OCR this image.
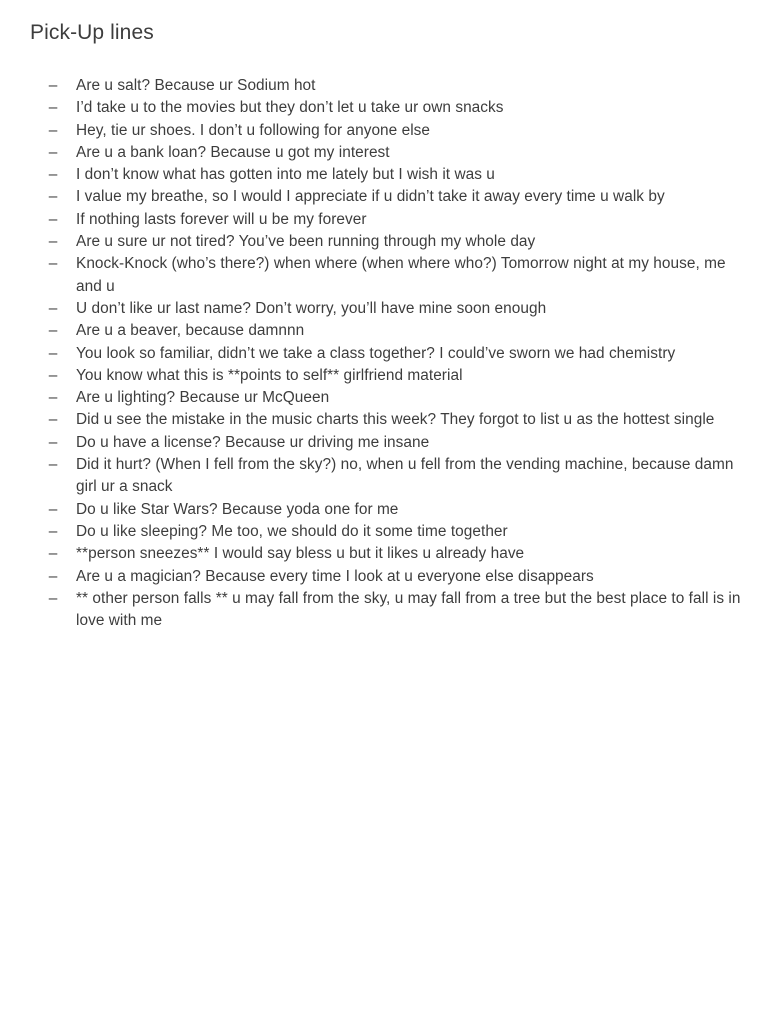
Pick-Up lines
– Are u salt? Because ur Sodium hot
– I’d take u to the movies but they don’t let u take ur own snacks
– Hey, tie ur shoes. I don’t u following for anyone else
– Are u a bank loan? Because u got my interest
– I don’t know what has gotten into me lately but I wish it was u
– I value my breathe, so I would I appreciate if u didn’t take it away every time u walk by
– If nothing lasts forever will u be my forever
– Are u sure ur not tired? You’ve been running through my whole day
– Knock-Knock (who’s there?) when where (when where who?) Tomorrow night at my house, me and u
– U don’t like ur last name? Don’t worry, you’ll have mine soon enough
– Are u a beaver, because damnnn
– You look so familiar, didn’t we take a class together? I could’ve sworn we had chemistry
– You know what this is **points to self** girlfriend material
– Are u lighting? Because ur McQueen
– Did u see the mistake in the music charts this week? They forgot to list u as the hottest single
– Do u have a license? Because ur driving me insane
– Did it hurt? (When I fell from the sky?) no, when u fell from the vending machine, because damn girl ur a snack
– Do u like Star Wars? Because yoda one for me
– Do u like sleeping? Me too, we should do it some time together
– **person sneezes** I would say bless u but it likes u already have
– Are u a magician? Because every time I look at u everyone else disappears
– ** other person falls ** u may fall from the sky, u may fall from a tree but the best place to fall is in love with me
